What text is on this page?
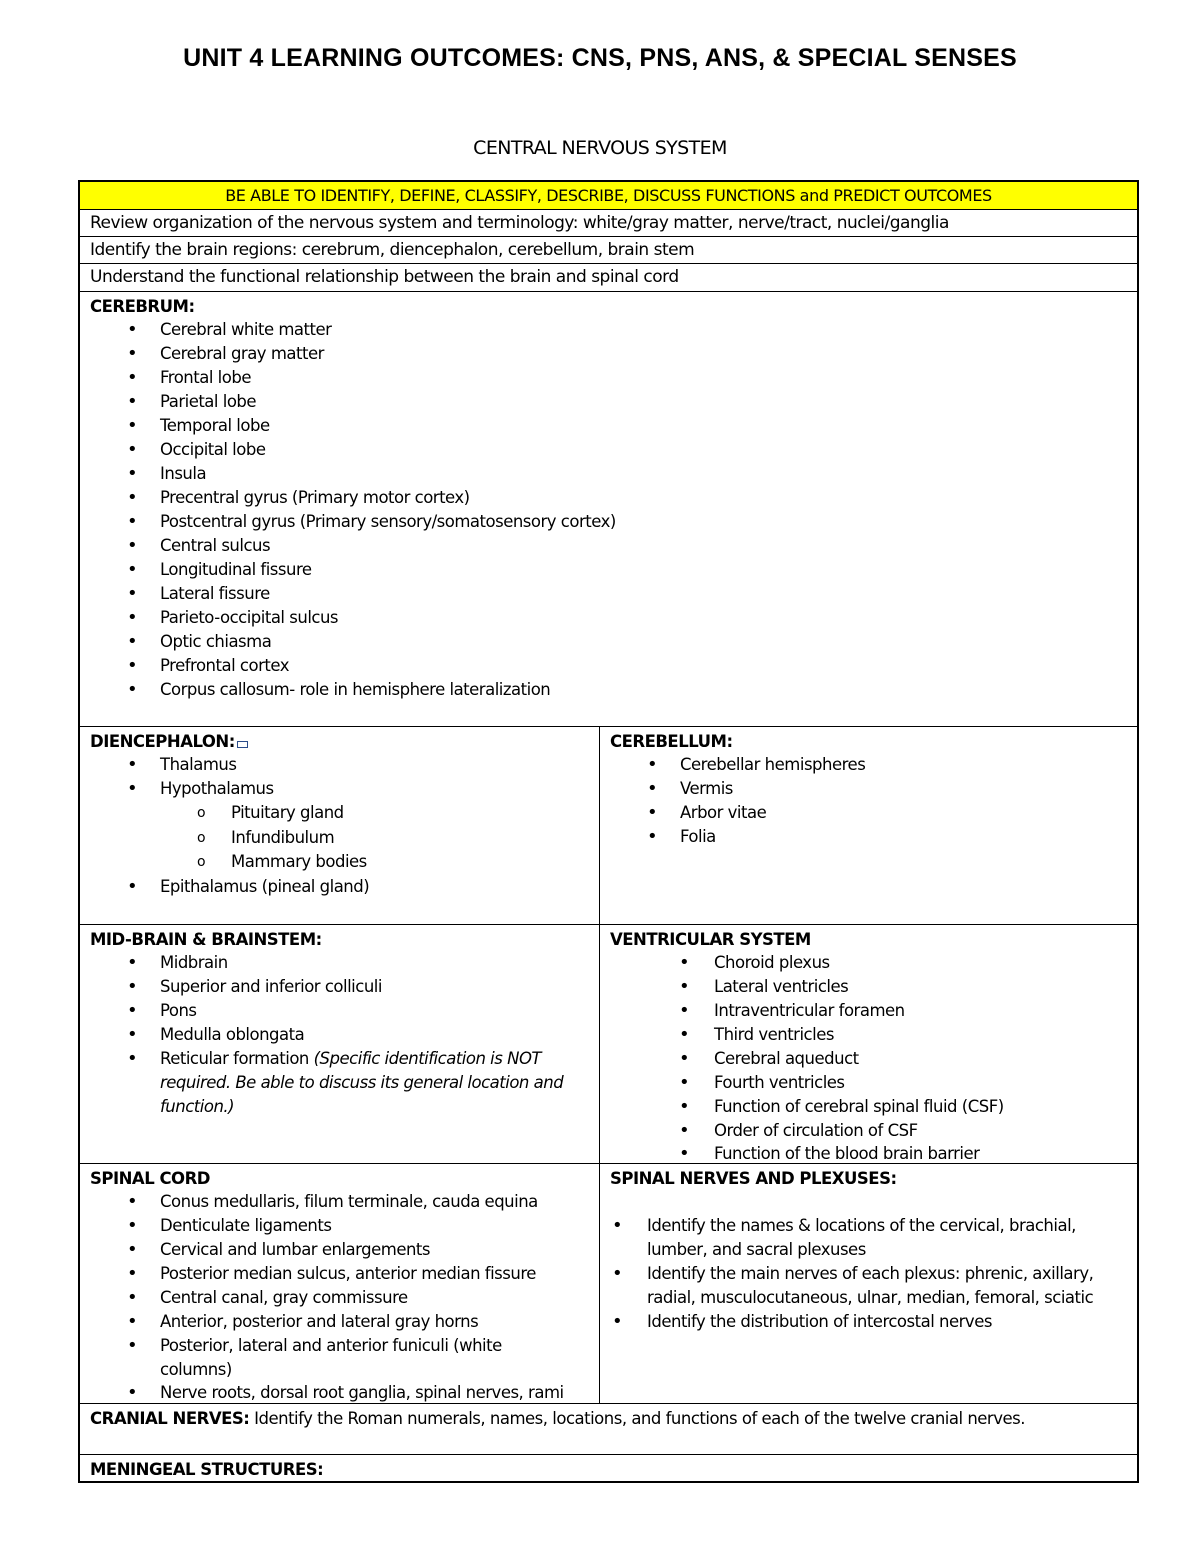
UNIT 4 LEARNING OUTCOMES: CNS, PNS, ANS, & SPECIAL SENSES
CENTRAL NERVOUS SYSTEM
BE ABLE TO IDENTIFY, DEFINE, CLASSIFY, DESCRIBE, DISCUSS FUNCTIONS and PREDICT OUTCOMES
Review organization of the nervous system and terminology: white/gray matter, nerve/tract, nuclei/ganglia
Identify the brain regions: cerebrum, diencephalon, cerebellum, brain stem
Understand the functional relationship between the brain and spinal cord
CEREBRUM:
• Cerebral white matter
• Cerebral gray matter
• Frontal lobe
• Parietal lobe
• Temporal lobe
• Occipital lobe
• Insula
• Precentral gyrus (Primary motor cortex)
• Postcentral gyrus (Primary sensory/somatosensory cortex)
• Central sulcus
• Longitudinal fissure
• Lateral fissure
• Parieto-occipital sulcus
• Optic chiasma
• Prefrontal cortex
• Corpus callosum- role in hemisphere lateralization
DIENCEPHALON:
• Thalamus
• Hypothalamus
o Pituitary gland
o Infundibulum
o Mammary bodies
• Epithalamus (pineal gland)
CEREBELLUM:
• Cerebellar hemispheres
• Vermis
• Arbor vitae
• Folia
MID-BRAIN & BRAINSTEM:
• Midbrain
• Superior and inferior colliculi
• Pons
• Medulla oblongata
• Reticular formation (Specific identification is NOT required. Be able to discuss its general location and function.)
VENTRICULAR SYSTEM
• Choroid plexus
• Lateral ventricles
• Intraventricular foramen
• Third ventricles
• Cerebral aqueduct
• Fourth ventricles
• Function of cerebral spinal fluid (CSF)
• Order of circulation of CSF
• Function of the blood brain barrier
SPINAL CORD
• Conus medullaris, filum terminale, cauda equina
• Denticulate ligaments
• Cervical and lumbar enlargements
• Posterior median sulcus, anterior median fissure
• Central canal, gray commissure
• Anterior, posterior and lateral gray horns
• Posterior, lateral and anterior funiculi (white columns)
• Nerve roots, dorsal root ganglia, spinal nerves, rami
SPINAL NERVES AND PLEXUSES:
• Identify the names & locations of the cervical, brachial, lumber, and sacral plexuses
• Identify the main nerves of each plexus: phrenic, axillary, radial, musculocutaneous, ulnar, median, femoral, sciatic
• Identify the distribution of intercostal nerves
CRANIAL NERVES: Identify the Roman numerals, names, locations, and functions of each of the twelve cranial nerves.
MENINGEAL STRUCTURES:
